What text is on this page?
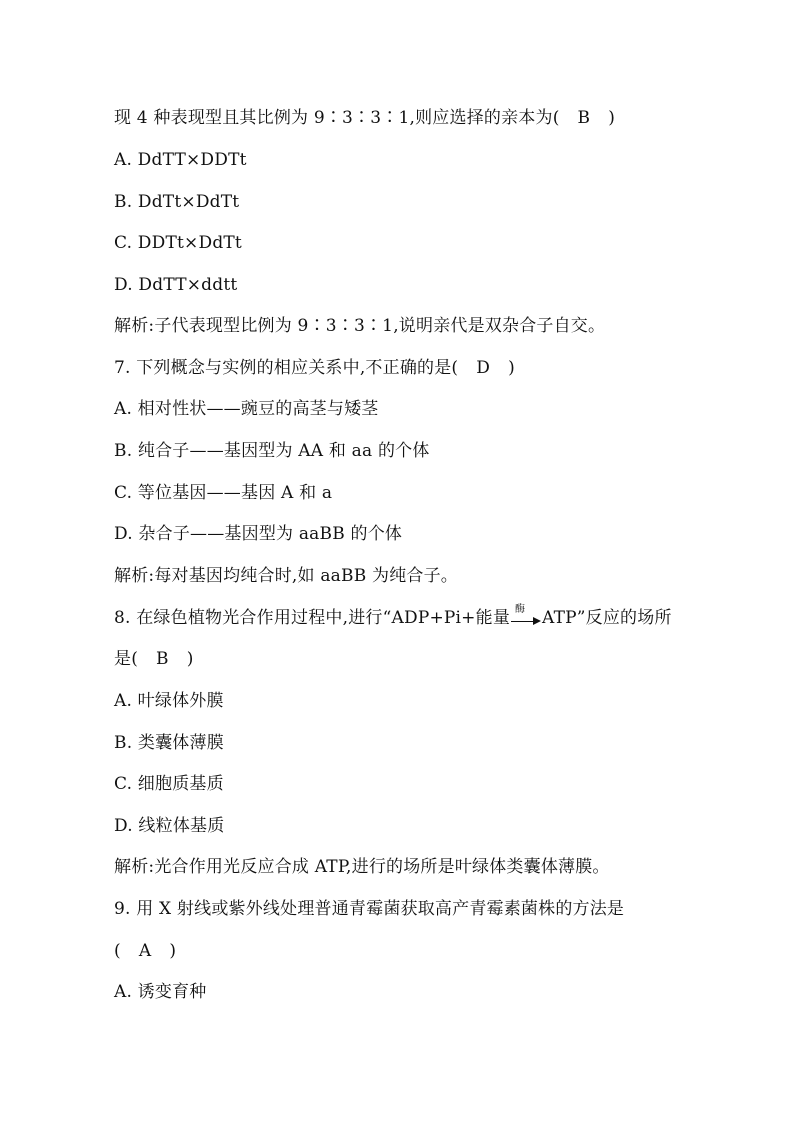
现 4 种表现型且其比例为 9∶3∶3∶1,则应选择的亲本为( B )
A. DdTT×DDTt
B. DdTt×DdTt
C. DDTt×DdTt
D. DdTT×ddtt
解析:子代表现型比例为 9∶3∶3∶1,说明亲代是双杂合子自交。
7. 下列概念与实例的相应关系中,不正确的是( D )
A. 相对性状——豌豆的高茎与矮茎
B. 纯合子——基因型为 AA 和 aa 的个体
C. 等位基因——基因 A 和 a
D. 杂合子——基因型为 aaBB 的个体
解析:每对基因均纯合时,如 aaBB 为纯合子。
8. 在绿色植物光合作用过程中,进行“ADP+Pi+能量 酶 ATP”反应的场所
是( B )
A. 叶绿体外膜
B. 类囊体薄膜
C. 细胞质基质
D. 线粒体基质
解析:光合作用光反应合成 ATP,进行的场所是叶绿体类囊体薄膜。
9. 用 X 射线或紫外线处理普通青霉菌获取高产青霉素菌株的方法是
( A )
A. 诱变育种
